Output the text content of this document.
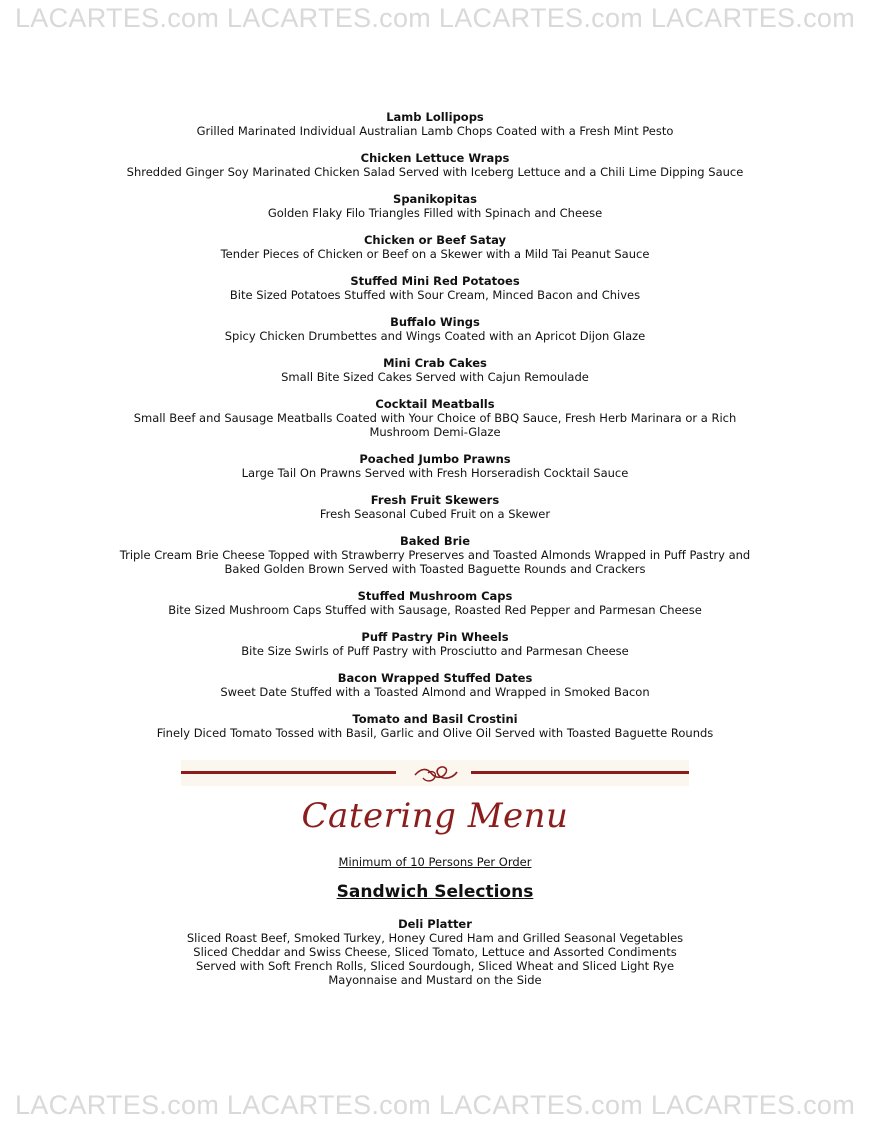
LACARTES.com LACARTES.com LACARTES.com LACARTES.com
Lamb Lollipops
Grilled Marinated Individual Australian Lamb Chops Coated with a Fresh Mint Pesto
Chicken Lettuce Wraps
Shredded Ginger Soy Marinated Chicken Salad Served with Iceberg Lettuce and a Chili Lime Dipping Sauce
Spanikopitas
Golden Flaky Filo Triangles Filled with Spinach and Cheese
Chicken or Beef Satay
Tender Pieces of Chicken or Beef on a Skewer with a Mild Tai Peanut Sauce
Stuffed Mini Red Potatoes
Bite Sized Potatoes Stuffed with Sour Cream, Minced Bacon and Chives
Buffalo Wings
Spicy Chicken Drumbettes and Wings Coated with an Apricot Dijon Glaze
Mini Crab Cakes
Small Bite Sized Cakes Served with Cajun Remoulade
Cocktail Meatballs
Small Beef and Sausage Meatballs Coated with Your Choice of BBQ Sauce, Fresh Herb Marinara or a Rich
Mushroom Demi-Glaze
Poached Jumbo Prawns
Large Tail On Prawns Served with Fresh Horseradish Cocktail Sauce
Fresh Fruit Skewers
Fresh Seasonal Cubed Fruit on a Skewer
Baked Brie
Triple Cream Brie Cheese Topped with Strawberry Preserves and Toasted Almonds Wrapped in Puff Pastry and
Baked Golden Brown Served with Toasted Baguette Rounds and Crackers
Stuffed Mushroom Caps
Bite Sized Mushroom Caps Stuffed with Sausage, Roasted Red Pepper and Parmesan Cheese
Puff Pastry Pin Wheels
Bite Size Swirls of Puff Pastry with Prosciutto and Parmesan Cheese
Bacon Wrapped Stuffed Dates
Sweet Date Stuffed with a Toasted Almond and Wrapped in Smoked Bacon
Tomato and Basil Crostini
Finely Diced Tomato Tossed with Basil, Garlic and Olive Oil Served with Toasted Baguette Rounds
Catering Menu
Minimum of 10 Persons Per Order
Sandwich Selections
Deli Platter
Sliced Roast Beef, Smoked Turkey, Honey Cured Ham and Grilled Seasonal Vegetables
Sliced Cheddar and Swiss Cheese, Sliced Tomato, Lettuce and Assorted Condiments
Served with Soft French Rolls, Sliced Sourdough, Sliced Wheat and Sliced Light Rye
Mayonnaise and Mustard on the Side
LACARTES.com LACARTES.com LACARTES.com LACARTES.com
